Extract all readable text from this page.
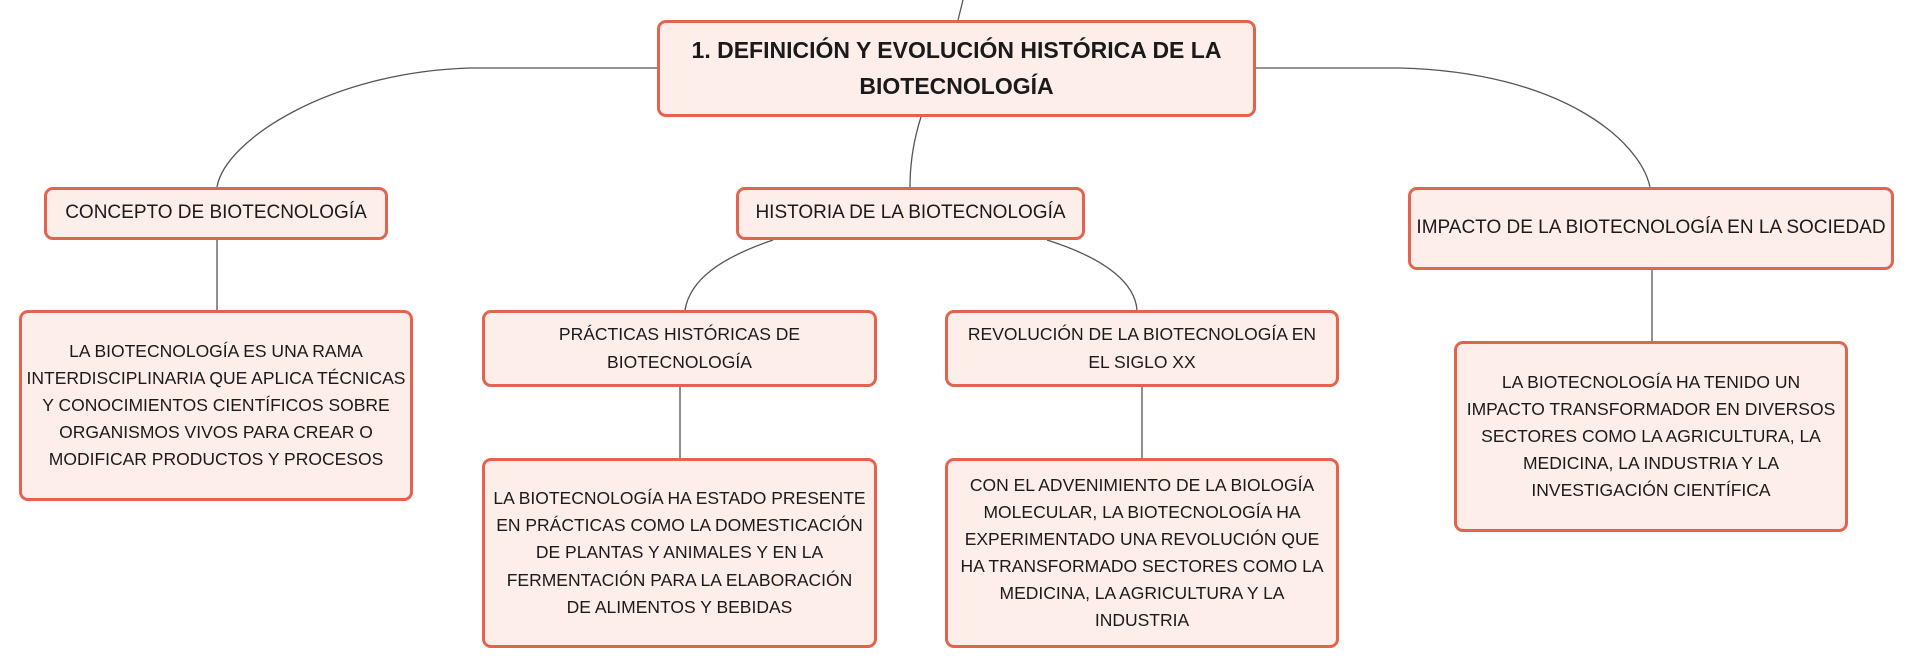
1. DEFINICIÓN Y EVOLUCIÓN HISTÓRICA DE LA BIOTECNOLOGÍA
CONCEPTO DE BIOTECNOLOGÍA	HISTORIA DE LA BIOTECNOLOGÍA
IMPACTO DE LA BIOTECNOLOGÍA EN LA SOCIEDAD
LA BIOTECNOLOGÍA ES UNA RAMA INTERDISCIPLINARIA QUE APLICA TÉCNICAS Y CONOCIMIENTOS CIENTÍFICOS SOBRE ORGANISMOS VIVOS PARA CREAR O MODIFICAR PRODUCTOS Y PROCESOS
PRÁCTICAS HISTÓRICAS DE BIOTECNOLOGÍA
REVOLUCIÓN DE LA BIOTECNOLOGÍA EN EL SIGLO XX
LA BIOTECNOLOGÍA HA ESTADO PRESENTE EN PRÁCTICAS COMO LA DOMESTICACIÓN DE PLANTAS Y ANIMALES Y EN LA FERMENTACIÓN PARA LA ELABORACIÓN DE ALIMENTOS Y BEBIDAS
CON EL ADVENIMIENTO DE LA BIOLOGÍA MOLECULAR, LA BIOTECNOLOGÍA HA EXPERIMENTADO UNA REVOLUCIÓN QUE HA TRANSFORMADO SECTORES COMO LA MEDICINA, LA AGRICULTURA Y LA INDUSTRIA
LA BIOTECNOLOGÍA HA TENIDO UN IMPACTO TRANSFORMADOR EN DIVERSOS SECTORES COMO LA AGRICULTURA, LA MEDICINA, LA INDUSTRIA Y LA INVESTIGACIÓN CIENTÍFICA
